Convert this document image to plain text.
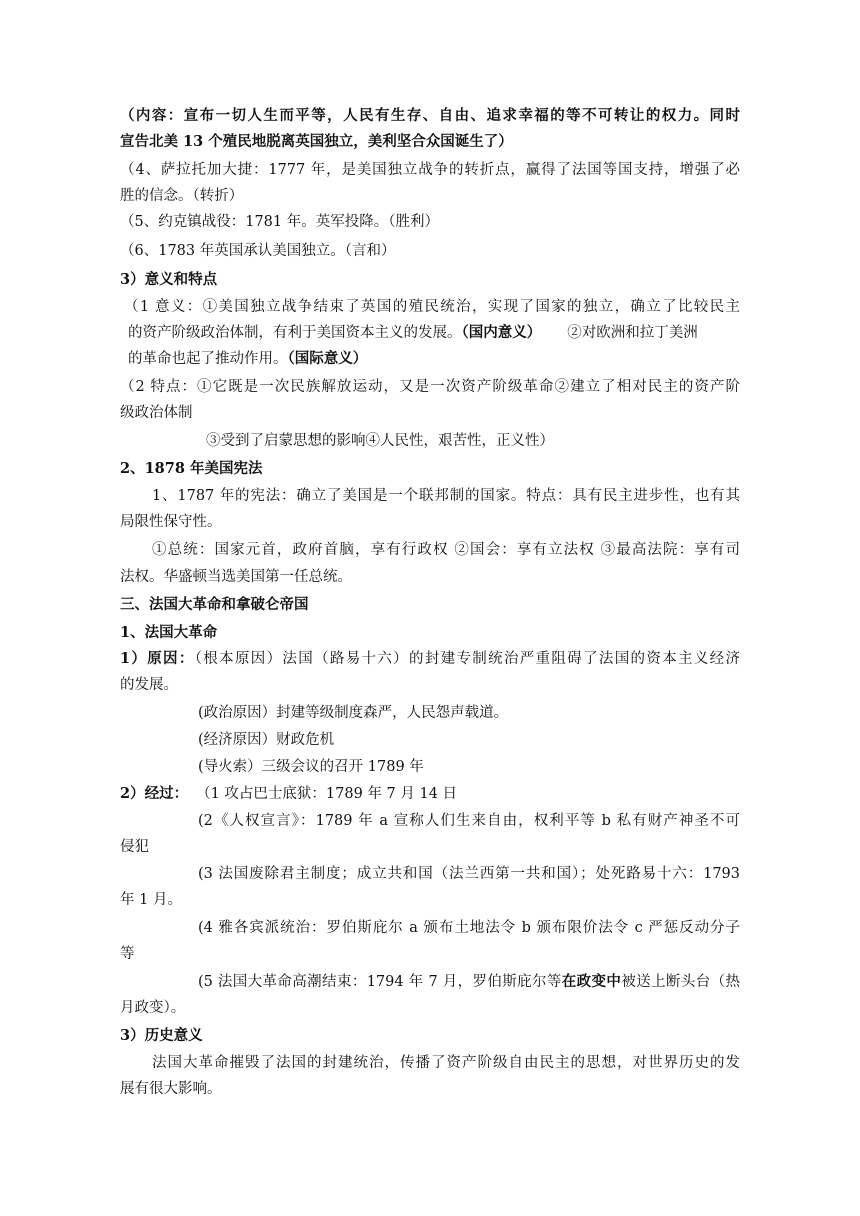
（内容：宣布一切人生而平等，人民有生存、自由、追求幸福的等不可转让的权力。同时
宣告北美 13 个殖民地脱离英国独立，美利坚合众国诞生了）
（4、萨拉托加大捷：1777 年，是美国独立战争的转折点，赢得了法国等国支持，增强了必
胜的信念。（转折）
（5、约克镇战役：1781 年。英军投降。（胜利）
（6、1783 年英国承认美国独立。（言和）
3）意义和特点
（1 意义：①美国独立战争结束了英国的殖民统治，实现了国家的独立，确立了比较民主
的资产阶级政治体制，有利于美国资本主义的发展。（国内意义） ②对欧洲和拉丁美洲
的革命也起了推动作用。（国际意义）
（2 特点：①它既是一次民族解放运动，又是一次资产阶级革命②建立了相对民主的资产阶
级政治体制
③受到了启蒙思想的影响④人民性，艰苦性，正义性）
2、1878 年美国宪法
1、1787 年的宪法：确立了美国是一个联邦制的国家。特点：具有民主进步性，也有其
局限性保守性。
①总统：国家元首，政府首脑，享有行政权 ②国会：享有立法权 ③最高法院：享有司
法权。华盛顿当选美国第一任总统。
三、法国大革命和拿破仑帝国
1、法国大革命
1）原因：（根本原因）法国（路易十六）的封建专制统治严重阻碍了法国的资本主义经济
的发展。
(政治原因）封建等级制度森严，人民怨声载道。
(经济原因）财政危机
(导火索）三级会议的召开 1789 年
2）经过： （1 攻占巴士底狱：1789 年 7 月 14 日
(2《人权宣言》：1789 年 a 宣称人们生来自由，权利平等 b 私有财产神圣不可
侵犯
(3 法国废除君主制度；成立共和国（法兰西第一共和国）；处死路易十六：1793
年 1 月。
(4 雅各宾派统治：罗伯斯庇尔 a 颁布土地法令 b 颁布限价法令 c 严惩反动分子
等
(5 法国大革命高潮结束：1794 年 7 月，罗伯斯庇尔等在政变中被送上断头台（热
月政变）。
3）历史意义
法国大革命摧毁了法国的封建统治，传播了资产阶级自由民主的思想，对世界历史的发
展有很大影响。
